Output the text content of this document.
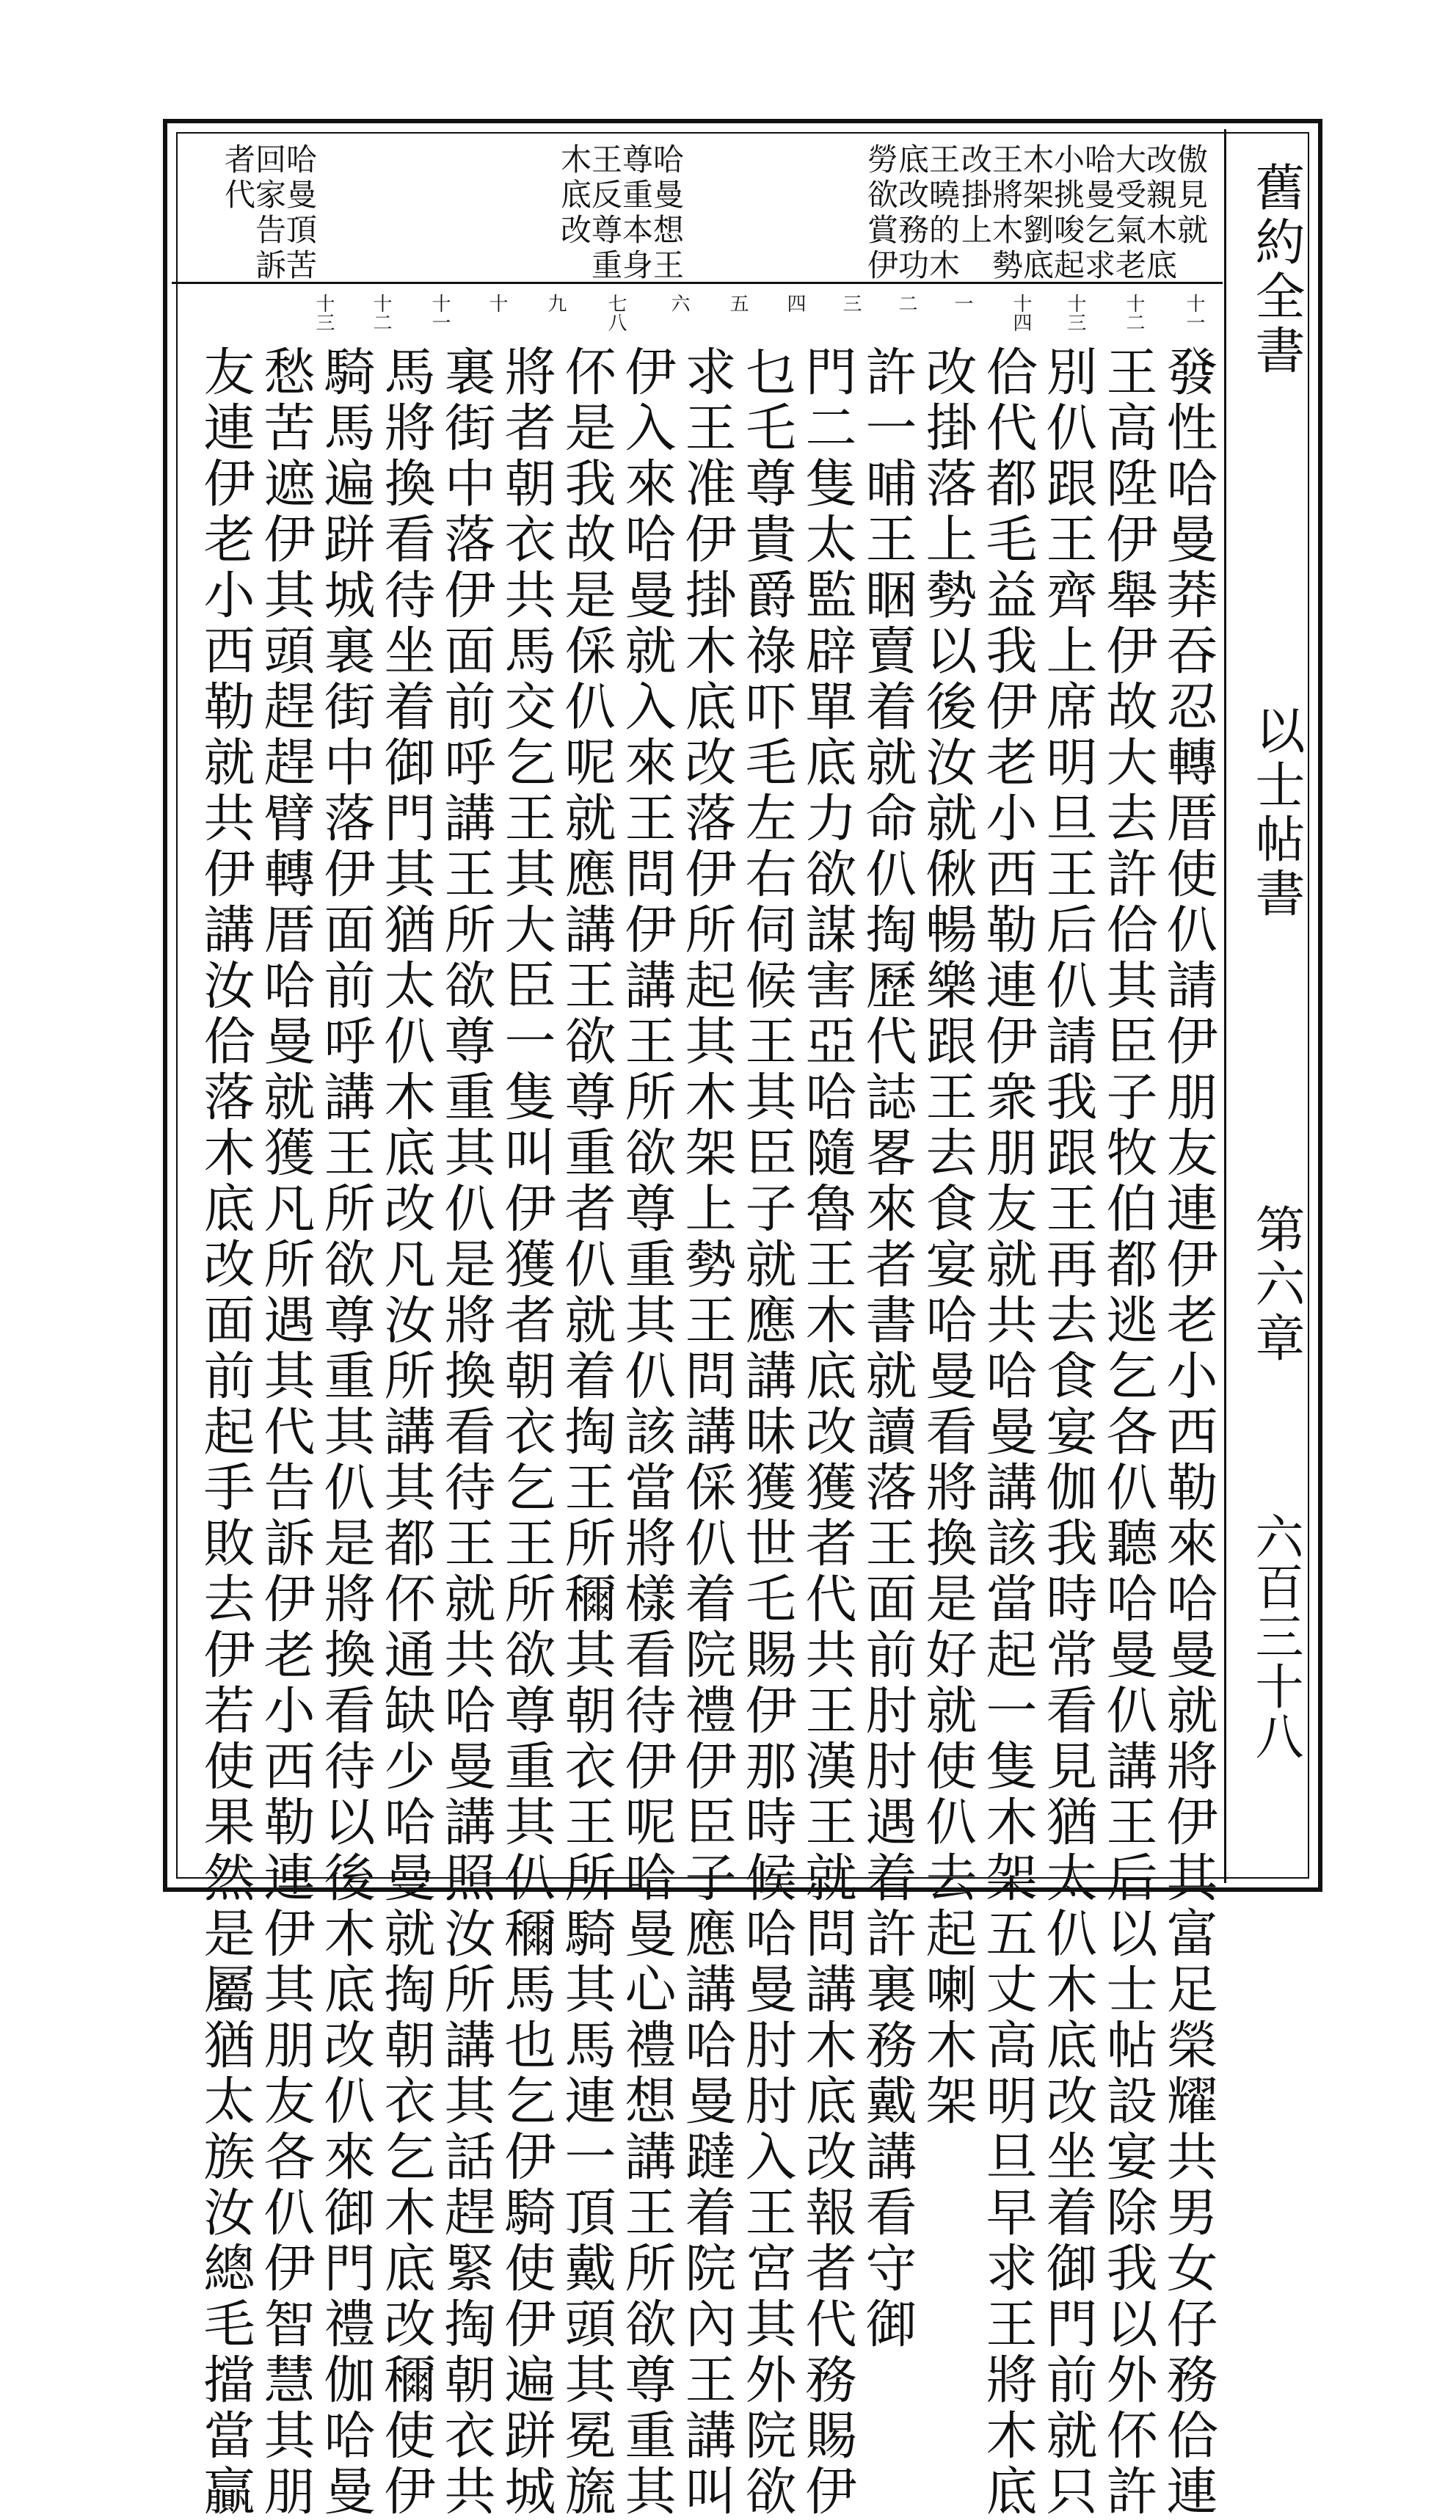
舊約全書
以士帖書
第六章
六百三十八
傲見就
改親木底
大受氣老
哈曼乞求
小挑唆起
木架劉底
王將木勢
改掛上
王曉的木
底改務功
勞欲賞伊
哈曼想王
尊重本身
王反尊重
木底改
哈曼頂苦
回家告訴
者代
十一
十二
十三
十四
一
二
三
四
五
六
七八
九
十
十一
十二
十三
發性哈曼莽吞忍轉厝使仈請伊朋友連伊老小西勒來哈曼就將伊其富足榮耀共男女仔務佮連
王高陞伊舉伊故大去許佮其臣子牧伯都逃乞各仈聽哈曼仈講王后以士帖設宴除我以外伓許
別仈跟王齊上席明旦王后仈請我跟王再去食宴伽我時常看見猶太仈木底改坐着御門前就只
佮代都毛益我伊老小西勒連伊衆朋友就共哈曼講該當起一隻木架五丈高明旦早求王將木底
改掛落上勢以後汝就偢暢樂跟王去食宴哈曼看將換是好就使仈去起喇木架
許一晡王睏賣着就命仈掏歷代誌畧來者書就讀落王面前肘肘遇着許裏務戴講看守御
門二隻太監辟單底力欲謀害亞哈隨魯王木底改獲者代共王漢王就問講木底改報者代務賜伊
乜乇尊貴爵祿吓毛左右伺候王其臣子就應講昧獲世乇賜伊那時候哈曼肘肘入王宮其外院欲
求王准伊掛木底改落伊所起其木架上勢王問講倸仈着院禮伊臣子應講哈曼躂着院內王講叫
伊入來哈曼就入來王問伊講王所欲尊重其仈該當將樣看待伊呢哈曼心禮想講王所欲尊重其
伓是我故是倸仈呢就應講王欲尊重者仈就着掏王所穪其朝衣王所騎其馬連一頂戴頭其冕旒
將者朝衣共馬交乞王其大臣一隻叫伊獲者朝衣乞王所欲尊重其仈穪馬也乞伊騎使伊遍跰城
裏街中落伊面前呼講王所欲尊重其仈是將換看待王就共哈曼講照汝所講其話趕緊掏朝衣共
馬將換看待坐着御門其猶太仈木底改凡汝所講其都伓通缺少哈曼就掏朝衣乞木底改穪使伊
騎馬遍跰城裏街中落伊面前呼講王所欲尊重其仈是將換看待以後木底改仈來御門禮伽哈曼
愁苦遮伊其頭趕趕臂轉厝哈曼就獲凡所遇其代告訴伊老小西勒連伊其朋友各仈伊智慧其朋
友連伊老小西勒就共伊講汝佮落木底改面前起手敗去伊若使果然是屬猶太族汝總毛擋當贏
